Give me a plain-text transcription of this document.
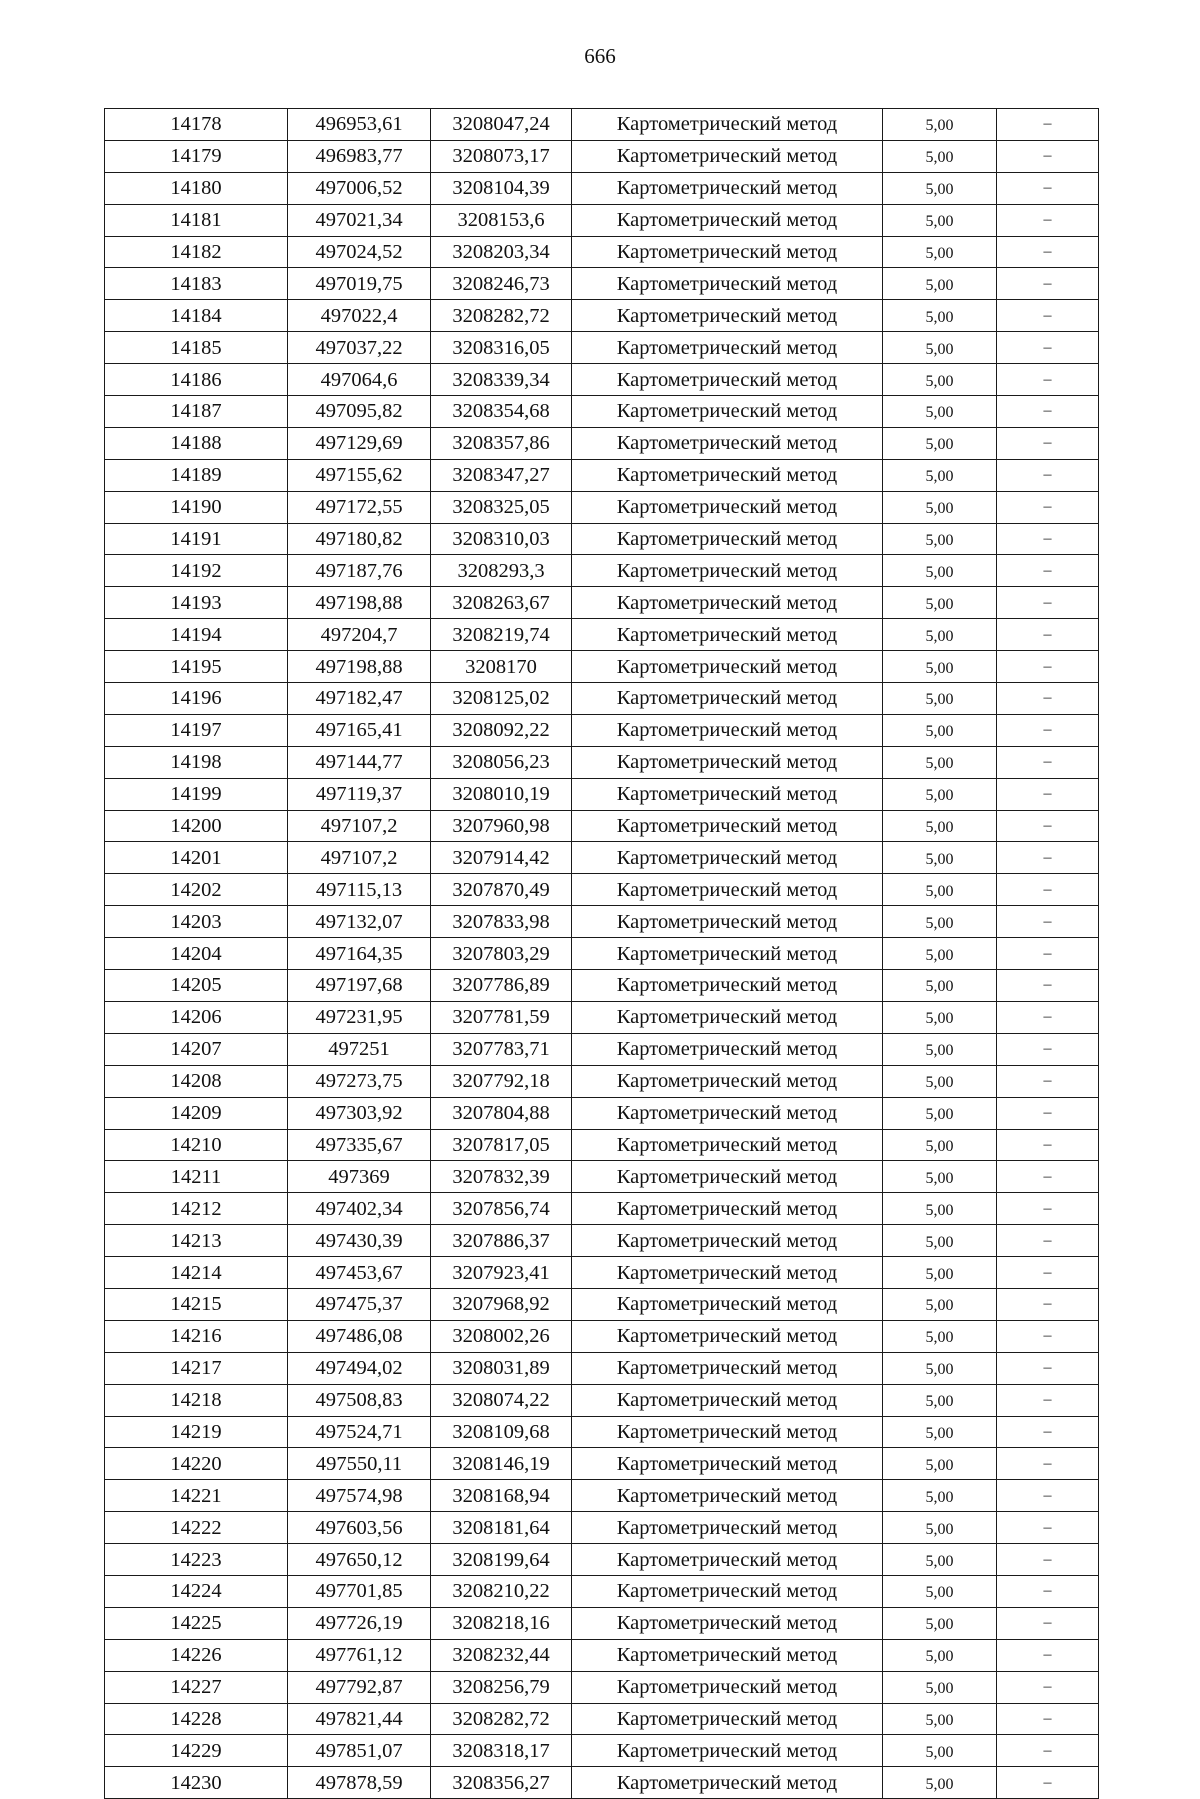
666
14178	496953,61	3208047,24	Картометрический метод	5,00	–
14179	496983,77	3208073,17	Картометрический метод	5,00	–
14180	497006,52	3208104,39	Картометрический метод	5,00	–
14181	497021,34	3208153,6	Картометрический метод	5,00	–
14182	497024,52	3208203,34	Картометрический метод	5,00	–
14183	497019,75	3208246,73	Картометрический метод	5,00	–
14184	497022,4	3208282,72	Картометрический метод	5,00	–
14185	497037,22	3208316,05	Картометрический метод	5,00	–
14186	497064,6	3208339,34	Картометрический метод	5,00	–
14187	497095,82	3208354,68	Картометрический метод	5,00	–
14188	497129,69	3208357,86	Картометрический метод	5,00	–
14189	497155,62	3208347,27	Картометрический метод	5,00	–
14190	497172,55	3208325,05	Картометрический метод	5,00	–
14191	497180,82	3208310,03	Картометрический метод	5,00	–
14192	497187,76	3208293,3	Картометрический метод	5,00	–
14193	497198,88	3208263,67	Картометрический метод	5,00	–
14194	497204,7	3208219,74	Картометрический метод	5,00	–
14195	497198,88	3208170	Картометрический метод	5,00	–
14196	497182,47	3208125,02	Картометрический метод	5,00	–
14197	497165,41	3208092,22	Картометрический метод	5,00	–
14198	497144,77	3208056,23	Картометрический метод	5,00	–
14199	497119,37	3208010,19	Картометрический метод	5,00	–
14200	497107,2	3207960,98	Картометрический метод	5,00	–
14201	497107,2	3207914,42	Картометрический метод	5,00	–
14202	497115,13	3207870,49	Картометрический метод	5,00	–
14203	497132,07	3207833,98	Картометрический метод	5,00	–
14204	497164,35	3207803,29	Картометрический метод	5,00	–
14205	497197,68	3207786,89	Картометрический метод	5,00	–
14206	497231,95	3207781,59	Картометрический метод	5,00	–
14207	497251	3207783,71	Картометрический метод	5,00	–
14208	497273,75	3207792,18	Картометрический метод	5,00	–
14209	497303,92	3207804,88	Картометрический метод	5,00	–
14210	497335,67	3207817,05	Картометрический метод	5,00	–
14211	497369	3207832,39	Картометрический метод	5,00	–
14212	497402,34	3207856,74	Картометрический метод	5,00	–
14213	497430,39	3207886,37	Картометрический метод	5,00	–
14214	497453,67	3207923,41	Картометрический метод	5,00	–
14215	497475,37	3207968,92	Картометрический метод	5,00	–
14216	497486,08	3208002,26	Картометрический метод	5,00	–
14217	497494,02	3208031,89	Картометрический метод	5,00	–
14218	497508,83	3208074,22	Картометрический метод	5,00	–
14219	497524,71	3208109,68	Картометрический метод	5,00	–
14220	497550,11	3208146,19	Картометрический метод	5,00	–
14221	497574,98	3208168,94	Картометрический метод	5,00	–
14222	497603,56	3208181,64	Картометрический метод	5,00	–
14223	497650,12	3208199,64	Картометрический метод	5,00	–
14224	497701,85	3208210,22	Картометрический метод	5,00	–
14225	497726,19	3208218,16	Картометрический метод	5,00	–
14226	497761,12	3208232,44	Картометрический метод	5,00	–
14227	497792,87	3208256,79	Картометрический метод	5,00	–
14228	497821,44	3208282,72	Картометрический метод	5,00	–
14229	497851,07	3208318,17	Картометрический метод	5,00	–
14230	497878,59	3208356,27	Картометрический метод	5,00	–
